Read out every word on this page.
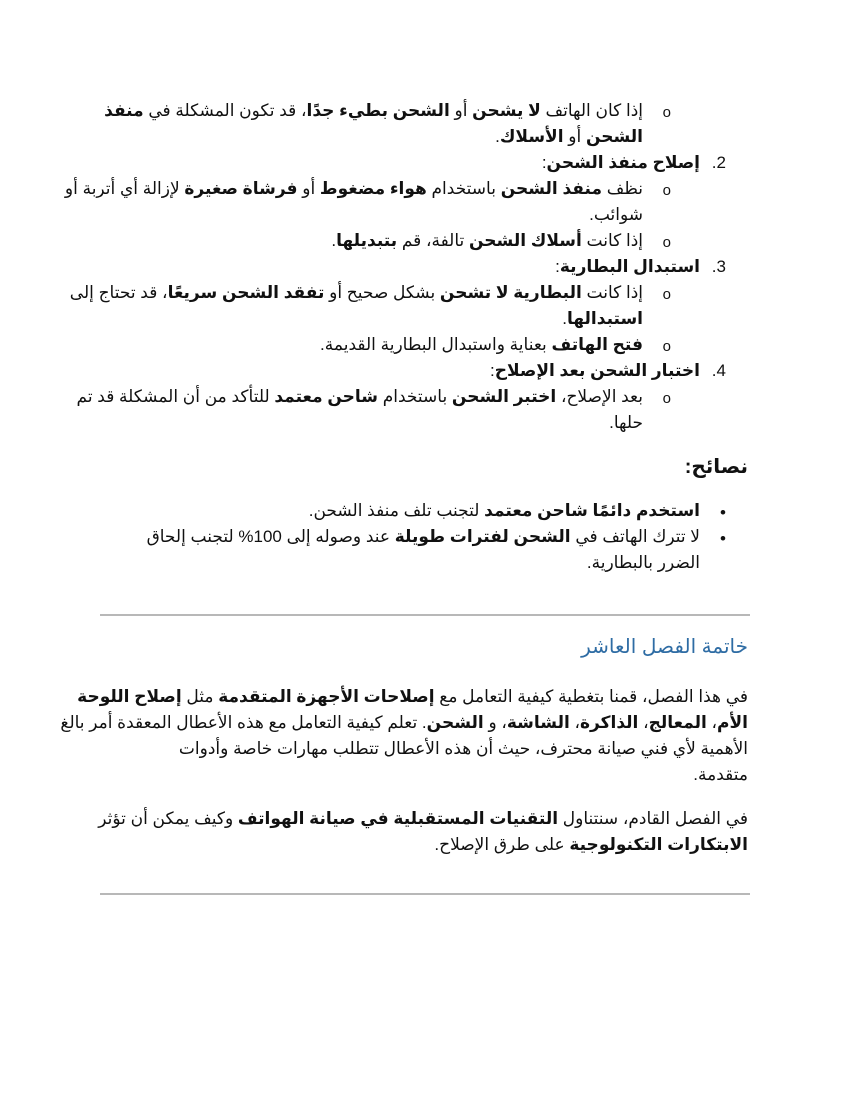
o
إذا كان الهاتف لا يشحن أو الشحن بطيء جدًا، قد تكون المشكلة في منفذ
الشحن أو الأسلاك.
2.
إصلاح منفذ الشحن:
o
نظف منفذ الشحن باستخدام هواء مضغوط أو فرشاة صغيرة لإزالة أي أتربة أو
شوائب.
o
إذا كانت أسلاك الشحن تالفة، قم بتبديلها.
3.
استبدال البطارية:
o
إذا كانت البطارية لا تشحن بشكل صحيح أو تفقد الشحن سريعًا، قد تحتاج إلى
استبدالها.
o
فتح الهاتف بعناية واستبدال البطارية القديمة.
4.
اختبار الشحن بعد الإصلاح:
o
بعد الإصلاح، اختبر الشحن باستخدام شاحن معتمد للتأكد من أن المشكلة قد تم
حلها.
نصائح:
•
استخدم دائمًا شاحن معتمد لتجنب تلف منفذ الشحن.
•
لا تترك الهاتف في الشحن لفترات طويلة عند وصوله إلى 100% لتجنب إلحاق
الضرر بالبطارية.
خاتمة الفصل العاشر
في هذا الفصل، قمنا بتغطية كيفية التعامل مع إصلاحات الأجهزة المتقدمة مثل إصلاح اللوحة
الأم، المعالج، الذاكرة، الشاشة، و الشحن. تعلم كيفية التعامل مع هذه الأعطال المعقدة أمر بالغ
الأهمية لأي فني صيانة محترف، حيث أن هذه الأعطال تتطلب مهارات خاصة وأدوات
متقدمة.
في الفصل القادم، سنتناول التقنيات المستقبلية في صيانة الهواتف وكيف يمكن أن تؤثر
الابتكارات التكنولوجية على طرق الإصلاح.
